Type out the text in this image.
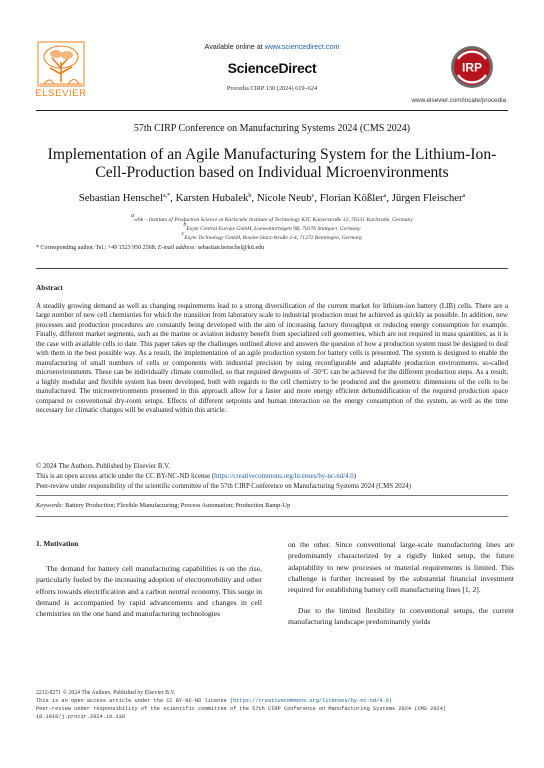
ELSEVIER
Available online at www.sciencedirect.com
ScienceDirect
Procedia CIRP 130 (2024) 619–624
IRP
www.elsevier.com/locate/procedia
57th CIRP Conference on Manufacturing Systems 2024 (CMS 2024)
Implementation of an Agile Manufacturing System for the Lithium-Ion-Cell-Production based on Individual Microenvironments
Sebastian Henschel$^{a,*}$, Karsten Hubalek$^b$, Nicole Neub$^c$, Florian Kößler$^a$, Jürgen Fleischer$^a$
$^a$wbk – Institute of Production Science at Karlsruhe Institute of Technology KIT, Kaiserstraße 12, 76131 Karlsruhe, Germany
$^b$Exyte Central Europe GmbH, Loewentorbogen 9B, 70376 Stuttgart, Germany
$^c$Exyte Technology GmbH, Rosine-Starz-Straße 2-4, 71272 Renningen, Germany
* Corresponding author. Tel.: +49 1523 950 2568; E-mail address: sebastian.henschel@kit.edu
Abstract
A steadily growing demand as well as changing requirements lead to a strong diversification of the current market for lithium-ion battery (LIB) cells. There are a large number of new cell chemistries for which the transition from laboratory scale to industrial production must be achieved as quickly as possible. In addition, new processes and production procedures are constantly being developed with the aim of increasing factory throughput or reducing energy consumption for example. Finally, different market segments, such as the marine or aviation industry benefit from specialized cell geometries, which are not required in mass quantities, as it is the case with available cells to date. This paper takes up the challenges outlined above and answers the question of how a production system must be designed to deal with them in the best possible way. As a result, the implementation of an agile production system for battery cells is presented. The system is designed to enable the manufacturing of small numbers of cells or components with industrial precision by using reconfigurable and adaptable production environments, so-called microenvironments. These can be individually climate controlled, so that required dewpoints of -50°C can be achieved for the different production steps. As a result, a highly modular and flexible system has been developed, both with regards to the cell chemistry to be produced and the geometric dimensions of the cells to be manufactured. The microenvironments presented in this approach allow for a faster and more energy efficient dehumidification of the required production space compared to conventional dry-room setups. Effects of different setpoints and human interaction on the energy consumption of the system, as well as the time necessary for climatic changes will be evaluated within this article.
© 2024 The Authors. Published by Elsevier B.V.
This is an open access article under the CC BY-NC-ND license (https://creativecommons.org/licenses/by-nc-nd/4.0)
Peer-review under responsibility of the scientific committee of the 57th CIRP Conference on Manufacturing Systems 2024 (CMS 2024)
Keywords: Battery Production; Flexible Manufacturing; Process Automation; Production Ramp-Up
1. Motivation
The demand for battery cell manufacturing capabilities is on the rise, particularly fueled by the increasing adoption of electromobility and other efforts towards electrification and a carbon neutral economy. This surge in demand is accompanied by rapid advancements and changes in cell chemistries on the one hand and manufacturing technologies
on the other. Since conventional large-scale manufacturing lines are predominantly characterized by a rigidly linked setup, the future adaptability to new processes or material requirements is limited. This challenge is further increased by the substantial financial investment required for establishing battery cell manufacturing lines [1, 2].
Due to the limited flexibility in conventional setups, the current manufacturing landscape predominantly yields
2212-8271 © 2024 The Authors. Published by Elsevier B.V.
This is an open access article under the CC BY-NC-ND license (https://creativecommons.org/licenses/by-nc-nd/4.0)
Peer-review under responsibility of the scientific committee of the 57th CIRP Conference on Manufacturing Systems 2024 (CMS 2024)
10.1016/j.procir.2024.10.138
